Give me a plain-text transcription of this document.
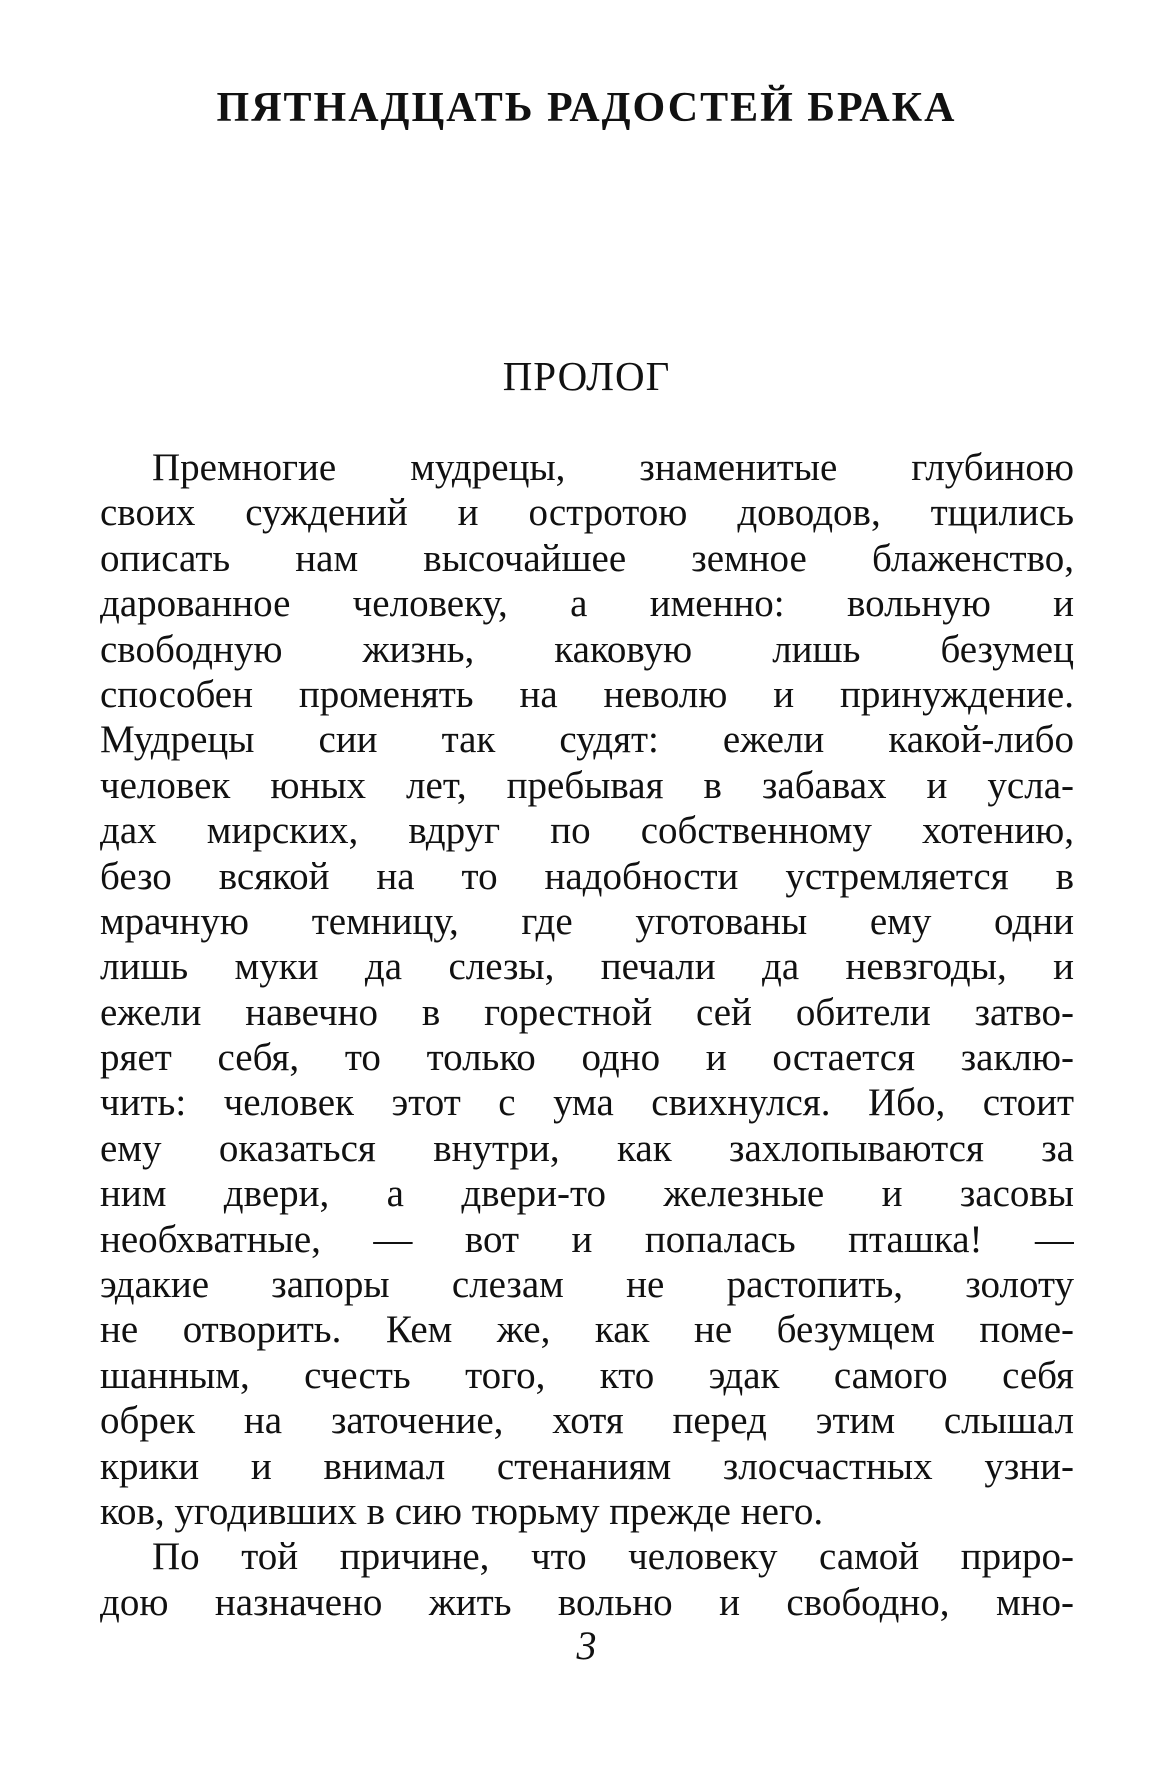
ПЯТНАДЦАТЬ РАДОСТЕЙ БРАКА
ПРОЛОГ
Премногие мудрецы, знаменитые глубиною
своих суждений и остротою доводов, тщились
описать нам высочайшее земное блаженство,
дарованное человеку, а именно: вольную и
свободную жизнь, каковую лишь безумец
способен променять на неволю и принуждение.
Мудрецы сии так судят: ежели какой-либо
человек юных лет, пребывая в забавах и усла-
дах мирских, вдруг по собственному хотению,
безо всякой на то надобности устремляется в
мрачную темницу, где уготованы ему одни
лишь муки да слезы, печали да невзгоды, и
ежели навечно в горестной сей обители затво-
ряет себя, то только одно и остается заклю-
чить: человек этот с ума свихнулся. Ибо, стоит
ему оказаться внутри, как захлопываются за
ним двери, а двери-то железные и засовы
необхватные, — вот и попалась пташка! —
эдакие запоры слезам не растопить, золоту
не отворить. Кем же, как не безумцем поме-
шанным, счесть того, кто эдак самого себя
обрек на заточение, хотя перед этим слышал
крики и внимал стенаниям злосчастных узни-
ков, угодивших в сию тюрьму прежде него.
По той причине, что человеку самой приро-
дою назначено жить вольно и свободно, мно-

3
